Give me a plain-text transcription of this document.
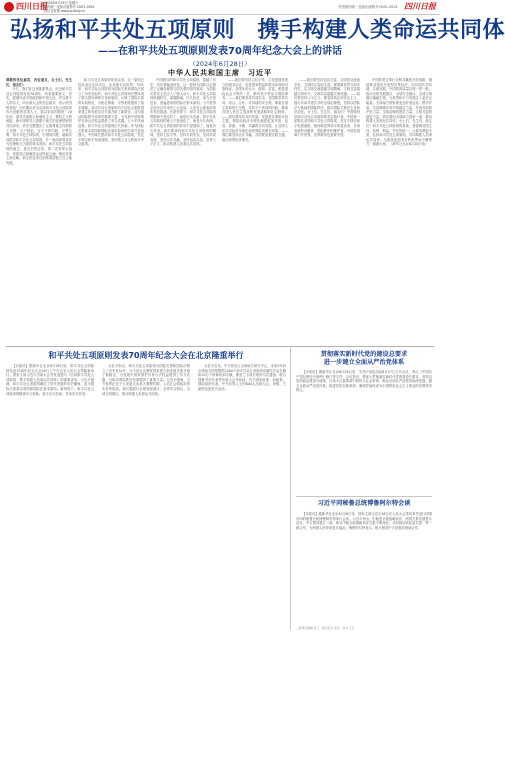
四川日报
2024年6月29日 星期六
国内统一连续出版物号 CN51-0001
四川日报网 www.scdaily.cn
中国国内统一连续出版物号CN51-0001 四川日报
弘扬和平共处五项原则　携手构建人类命运共同体
——在和平共处五项原则发表70周年纪念大会上的讲话
（2024年6月28日）
中华人民共和国主席　习近平

尊敬的各位嘉宾，各位朋友，女士们，先生们，朋友们：

今天，我们在这里隆重集会，纪念和平共处五项原则发表70周年，具有重要意义。首先，我谨代表中国政府和中国人民，并以我个人的名义，向出席大会的各位嘉宾，表示热烈的欢迎！向长期以来为弘扬和平共处五项原则作出贡献的各国人士，致以崇高的敬意！70年前，面对冷战阴云和殖民主义、霸权主义的威胁，新中国领导人着眼于新生的亚洲国家的共同诉求，首次完整提出了互相尊重主权和领土完整、互不侵犯、互不干涉内政、平等互利、和平共处五项原则。中国同印度、缅甸共同倡导和平共处五项原则，并一致同意将其作为处理相互关系的基本准则。和平共处五项原则的诞生，是历史的必然。第二次世界大战后，民族独立和解放运动风起云涌，殖民体系土崩瓦解，新生的亚非拉国家渴望独立自主地发展。

和平共处五项原则发表以来，这一原则已经从双边走向多边，从亚洲走向世界。70年来，和平共处五项原则为国际关系和国际法树立了历史性标杆。和平共处五项原则完整体现了联合国宪章的宗旨和原则，反映了国际关系的本质特征，为相互尊重、平等相待提供了基本遵循。和平共处五项原则为不同社会制度国家建立和发展友好关系开辟了新路径，成为推动国际秩序变革的重要力量，为发展中国家维护自身合法权益提供了有力武器。七十年风雨沧桑，和平共处五项原则历久弥新，作为国际关系基本准则和国际法基本原则的生命力更加强大。中国率先倡导和平共处五项原则，坚定不移走和平发展道路，坚持独立自主的和平外交政策。

中国倡导的和平共处五项原则，超越了历史，具有普遍适用性。这一原则为国际社会提供了正确处理国与国关系的指导原则，为国际关系民主化注入了强大动力。和平共处五项原则跨越时空，超越隔阂，历久弥坚，成为开放包容、普遍适用的国际法基本原则。当今世界正经历百年未有之大变局，人类社会面临前所未有的挑战。在新形势下，和平共处五项原则的精神不是过时了，而是历久弥新；和平共处五项原则的意义不是淡化了，而是历久弥深；和平共处五项原则的作用不是削弱了，而是历久弥坚。我们要秉持和平共处五项原则的精神，坚持主权平等，坚持共同安全，坚持共同发展，坚持合作共赢，坚持包容互鉴，坚持公平正义，推动构建人类命运共同体。

——我们要坚持主权平等。主权是国家独立的根本标志，也是国家利益的根本体现和可靠保证。各国无论大小、强弱、贫富，都是国际社会平等的一员，都有权平等参与国际事务。——我们要坚持共同安全。各国要坚持共同、综合、合作、可持续的安全观，尊重各国主权和领土完整，坚持不干涉别国内政，尊重各国人民自主选择的发展道路和社会制度。——我们要坚持共同发展。发展是各国的永恒主题，要推动经济全球化朝着更加开放、包容、普惠、平衡、共赢的方向发展，让各国人民共享经济全球化和世界经济增长成果。——我们要坚持合作共赢。各国要加强互联互通，推动世界经济增长。

——我们要坚持包容互鉴。文明因交流而多彩，文明因互鉴而丰富。要尊重世界文明多样性，以文明交流超越文明隔阂、文明互鉴超越文明冲突、文明共存超越文明优越。——我们要坚持公平正义。要坚持真正的多边主义，践行共商共建共享的全球治理观，坚持以国际法为基础的国际秩序，推动国际关系民主化和法治化。女士们、先生们、朋友们！中国始终是和平共处五项原则的坚定践行者。中国将一如既往坚持和平共处五项原则，坚定不移走和平发展道路，始终做世界和平的建设者、全球发展的贡献者、国际秩序的维护者。中国发展离不开世界，世界繁荣也需要中国。

中国将坚定奉行互利共赢的开放战略，继续推动建设开放型世界经济，同各国共享机遇、共谋发展。中国将高质量共建一带一路，推动全球发展倡议、全球安全倡议、全球文明倡议落地生根，为世界和平与发展注入更多正能量。全球南方国家要更加开放包容、携手并肩，共同做维护和平的稳定力量、开放发展的中坚力量、全球治理的建设力量、文明互鉴的促进力量。我们要同全球南方国家一道，推动构建人类命运共同体。女士们、先生们、朋友们！和平共处五项原则的真谛，是强调各国主权、权利、利益、责任的统一。让我们携起手来，弘扬和平共处五项原则，共同构建人类命运共同体，为建设更加美好的世界而不懈努力！谢谢大家。（新华社北京6月28日电）

和平共处五项原则发表70周年纪念大会在北京隆重举行

【本报讯】据新华社北京6月28日电　和平共处五项原则发表70周年纪念大会28日上午在北京人民大会堂隆重举行。国家主席习近平出席大会并发表题为《弘扬和平共处五项原则　携手构建人类命运共同体》的重要讲话。习近平强调，和平共处五项原则顺应了时代发展的历史潮流，成为国际关系基本准则和国际法基本原则。新形势下，和平共处五项原则的精神历久弥新，意义历久弥深，作用历久弥坚。

习近平指出，和平共处五项原则为国际关系和国际法树立了历史性标杆，为不同社会制度国家建立和发展关系开辟了新路径，为发展中国家维护自身合法权益提供了有力武器，为推动国际秩序变革提供了重要力量。习近平强调，当今世界正处于大发展大变革大调整时期，人类社会面临前所未有的挑战。我们要践行全球发展倡议、全球安全倡议、全球文明倡议，推动构建人类命运共同体。

习近平宣布，中方将设立全球南方研究中心，未来5年向全球南方国家提供1000个和平共处五项原则卓越奖学金名额和10万个研修培训名额。斯里兰卡前总统库马拉通加、联合国秘书长代表等出席大会并致辞。有关国家政要、前政要，国际组织代表，中外各界人士约600人出席大会。李强、王毅等参加有关活动。

贯彻落实新时代党的建设总要求
进一步建立全面从严治党体系

【本报讯】据新华社北京6月28日电　中共中央政治局6月27日召开会议，审议《中国共产党纪律处分条例》修订等文件。会议指出，要深入贯彻落实新时代党的建设总要求，坚持以党的政治建设为统领，以伟大自我革命引领伟大社会革命，推动全面从严治党向纵深发展，健全全面从严治党体系，推进党的自我革命，确保党始终成为中国特色社会主义事业的坚强领导核心。

习近平同秘鲁总统博鲁阿尔特会谈

【本报讯】据新华社北京6月28日电　国家主席习近平28日在人民大会堂同来华进行国事访问的秘鲁总统博鲁阿尔特举行会谈。习近平指出，中秘是全面战略伙伴，两国关系发展势头良好。中方愿同秘方一道，推动中秘全面战略伙伴关系不断深化，共同推动高质量共建一带一路合作，为两国人民带来更多福祉。博鲁阿尔特表示，秘方愿同中方加强各领域合作。

二版责任编辑 张三　版式设计 李四　校对 王五
